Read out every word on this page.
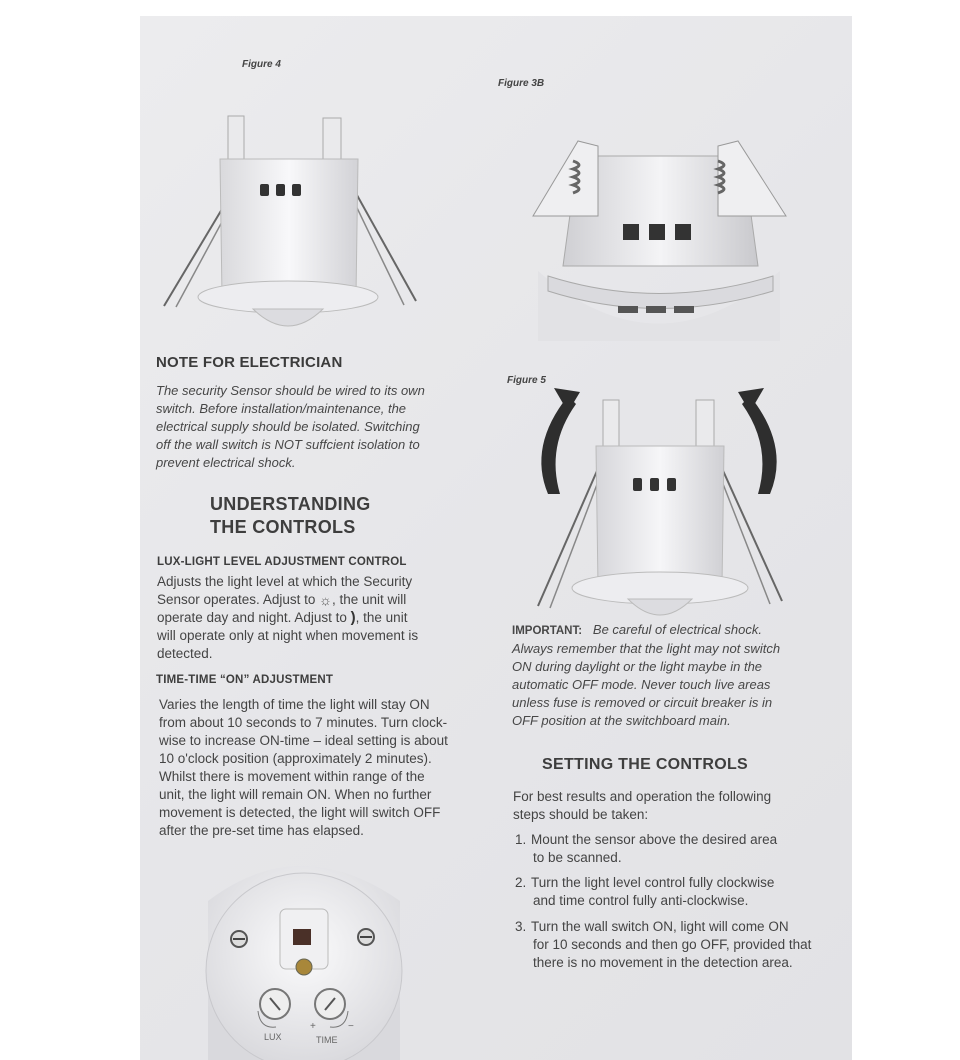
Figure 4
Figure 3B
NOTE FOR ELECTRICIAN
The security Sensor should be wired to its own
switch. Before installation/maintenance, the
electrical supply should be isolated. Switching
off the wall switch is NOT suffcient isolation to
prevent electrical shock.
Figure 5
UNDERSTANDING
THE CONTROLS
LUX-LIGHT LEVEL ADJUSTMENT CONTROL
Adjusts the light level at which the Security
Sensor operates. Adjust to ☼, the unit will
operate day and night. Adjust to ), the unit
will operate only at night when movement is
detected.
TIME-TIME “ON” ADJUSTMENT
Varies the length of time the light will stay ON
from about 10 seconds to 7 minutes. Turn clock-
wise to increase ON-time – ideal setting is about
10 o'clock position (approximately 2 minutes).
Whilst there is movement within range of the
unit, the light will remain ON. When no further
movement is detected, the light will switch OFF
after the pre-set time has elapsed.
IMPORTANT: Be careful of electrical shock.
Always remember that the light may not switch
ON during daylight or the light maybe in the
automatic OFF mode. Never touch live areas
unless fuse is removed or circuit breaker is in
OFF position at the switchboard main.
SETTING THE CONTROLS
For best results and operation the following
steps should be taken:
1. Mount the sensor above the desired area
to be scanned.
2. Turn the light level control fully clockwise
and time control fully anti-clockwise.
3. Turn the wall switch ON, light will come ON
for 10 seconds and then go OFF, provided that
there is no movement in the detection area.
LUX	TIME
+	−
